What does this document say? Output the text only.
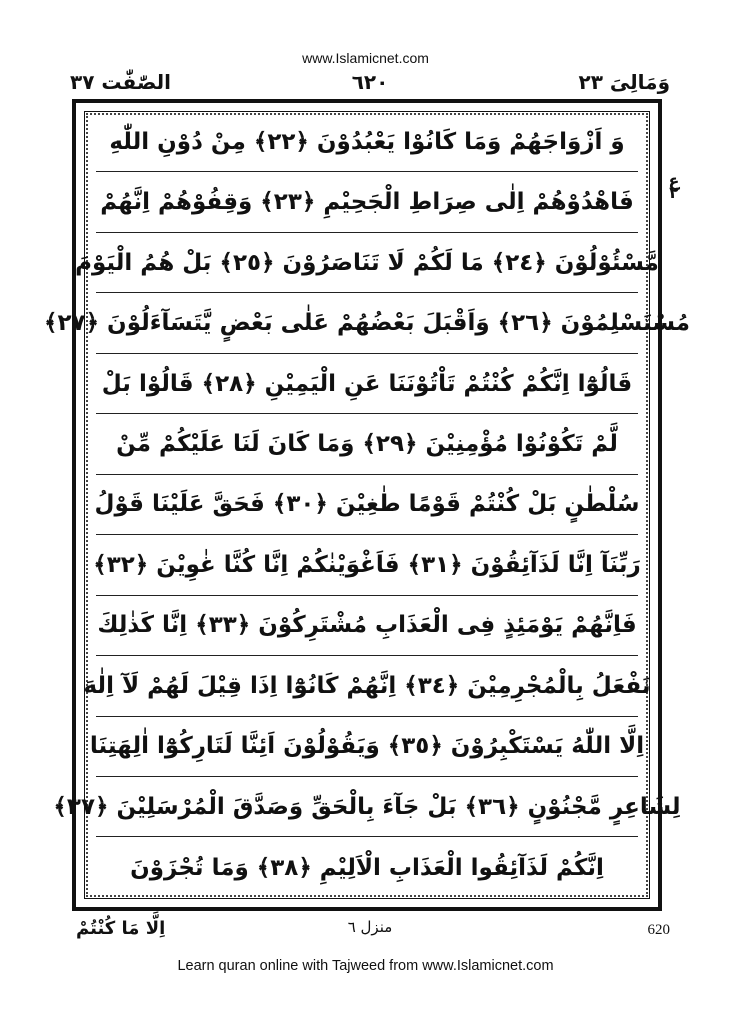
www.Islamicnet.com
الصّٰفّٰت ٣٧	٦٢٠	وَمَالِیَ ٢٣
ع ٢
وَ اَزْوَاجَهُمْ وَمَا كَانُوْا يَعْبُدُوْنَ ﴿٢٢﴾ مِنْ دُوْنِ اللّٰهِ
فَاهْدُوْهُمْ اِلٰى صِرَاطِ الْجَحِيْمِ ﴿٢٣﴾ وَقِفُوْهُمْ اِنَّهُمْ
مَّسْئُوْلُوْنَ ﴿٢٤﴾ مَا لَكُمْ لَا تَنَاصَرُوْنَ ﴿٢٥﴾ بَلْ هُمُ الْيَوْمَ
مُسْتَسْلِمُوْنَ ﴿٢٦﴾ وَاَقْبَلَ بَعْضُهُمْ عَلٰى بَعْضٍ يَّتَسَآءَلُوْنَ ﴿٢٧﴾
قَالُوْٓا اِنَّكُمْ كُنْتُمْ تَاْتُوْنَنَا عَنِ الْيَمِيْنِ ﴿٢٨﴾ قَالُوْا بَلْ
لَّمْ تَكُوْنُوْا مُؤْمِنِيْنَ ﴿٢٩﴾ وَمَا كَانَ لَنَا عَلَيْكُمْ مِّنْ
سُلْطٰنٍ بَلْ كُنْتُمْ قَوْمًا طٰغِيْنَ ﴿٣٠﴾ فَحَقَّ عَلَيْنَا قَوْلُ
رَبِّنَآ اِنَّا لَذَآئِقُوْنَ ﴿٣١﴾ فَاَغْوَيْنٰكُمْ اِنَّا كُنَّا غٰوِيْنَ ﴿٣٢﴾
فَاِنَّهُمْ يَوْمَئِذٍ فِى الْعَذَابِ مُشْتَرِكُوْنَ ﴿٣٣﴾ اِنَّا كَذٰلِكَ
نَفْعَلُ بِالْمُجْرِمِيْنَ ﴿٣٤﴾ اِنَّهُمْ كَانُوْٓا اِذَا قِيْلَ لَهُمْ لَآ اِلٰهَ
اِلَّا اللّٰهُ يَسْتَكْبِرُوْنَ ﴿٣٥﴾ وَيَقُوْلُوْنَ اَئِنَّا لَتَارِكُوْٓا اٰلِهَتِنَا
لِشَاعِرٍ مَّجْنُوْنٍ ﴿٣٦﴾ بَلْ جَآءَ بِالْحَقِّ وَصَدَّقَ الْمُرْسَلِيْنَ ﴿٣٧﴾
اِنَّكُمْ لَذَآئِقُوا الْعَذَابِ الْاَلِيْمِ ﴿٣٨﴾ وَمَا تُجْزَوْنَ
اِلَّا مَا كُنْتُمْ	منزل ٦	620
Learn quran online with Tajweed from www.Islamicnet.com
